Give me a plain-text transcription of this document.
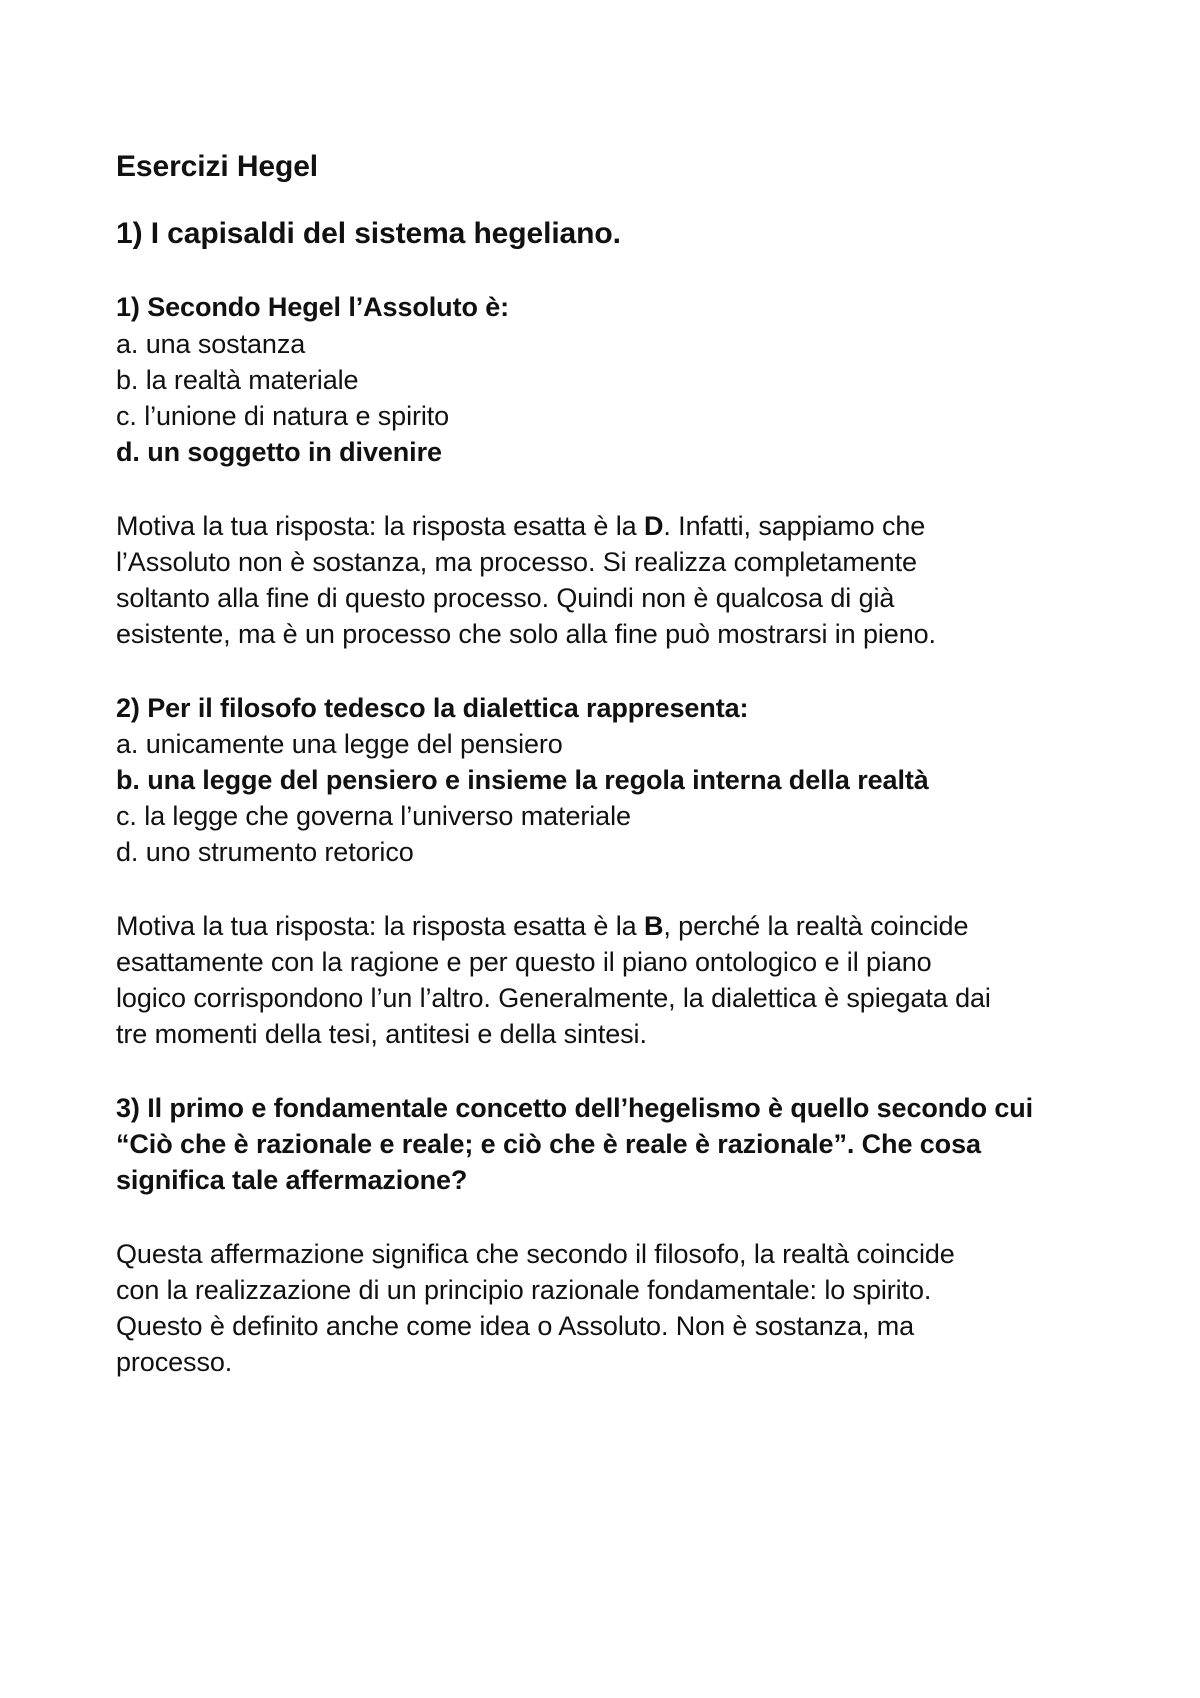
Esercizi Hegel

1) I capisaldi del sistema hegeliano.

1) Secondo Hegel l’Assoluto è:

a. una sostanza

b. la realtà materiale

c. l’unione di natura e spirito

d. un soggetto in divenire

Motiva la tua risposta: la risposta esatta è la D. Infatti, sappiamo che

l’Assoluto non è sostanza, ma processo. Si realizza completamente

soltanto alla fine di questo processo. Quindi non è qualcosa di già

esistente, ma è un processo che solo alla fine può mostrarsi in pieno.

2) Per il filosofo tedesco la dialettica rappresenta:

a. unicamente una legge del pensiero

b. una legge del pensiero e insieme la regola interna della realtà

c. la legge che governa l’universo materiale

d. uno strumento retorico

Motiva la tua risposta: la risposta esatta è la B, perché la realtà coincide

esattamente con la ragione e per questo il piano ontologico e il piano

logico corrispondono l’un l’altro. Generalmente, la dialettica è spiegata dai

tre momenti della tesi, antitesi e della sintesi.

3) Il primo e fondamentale concetto dell’hegelismo è quello secondo cui

“Ciò che è razionale e reale; e ciò che è reale è razionale”. Che cosa

significa tale affermazione?

Questa affermazione significa che secondo il filosofo, la realtà coincide

con la realizzazione di un principio razionale fondamentale: lo spirito.

Questo è definito anche come idea o Assoluto. Non è sostanza, ma

processo.
